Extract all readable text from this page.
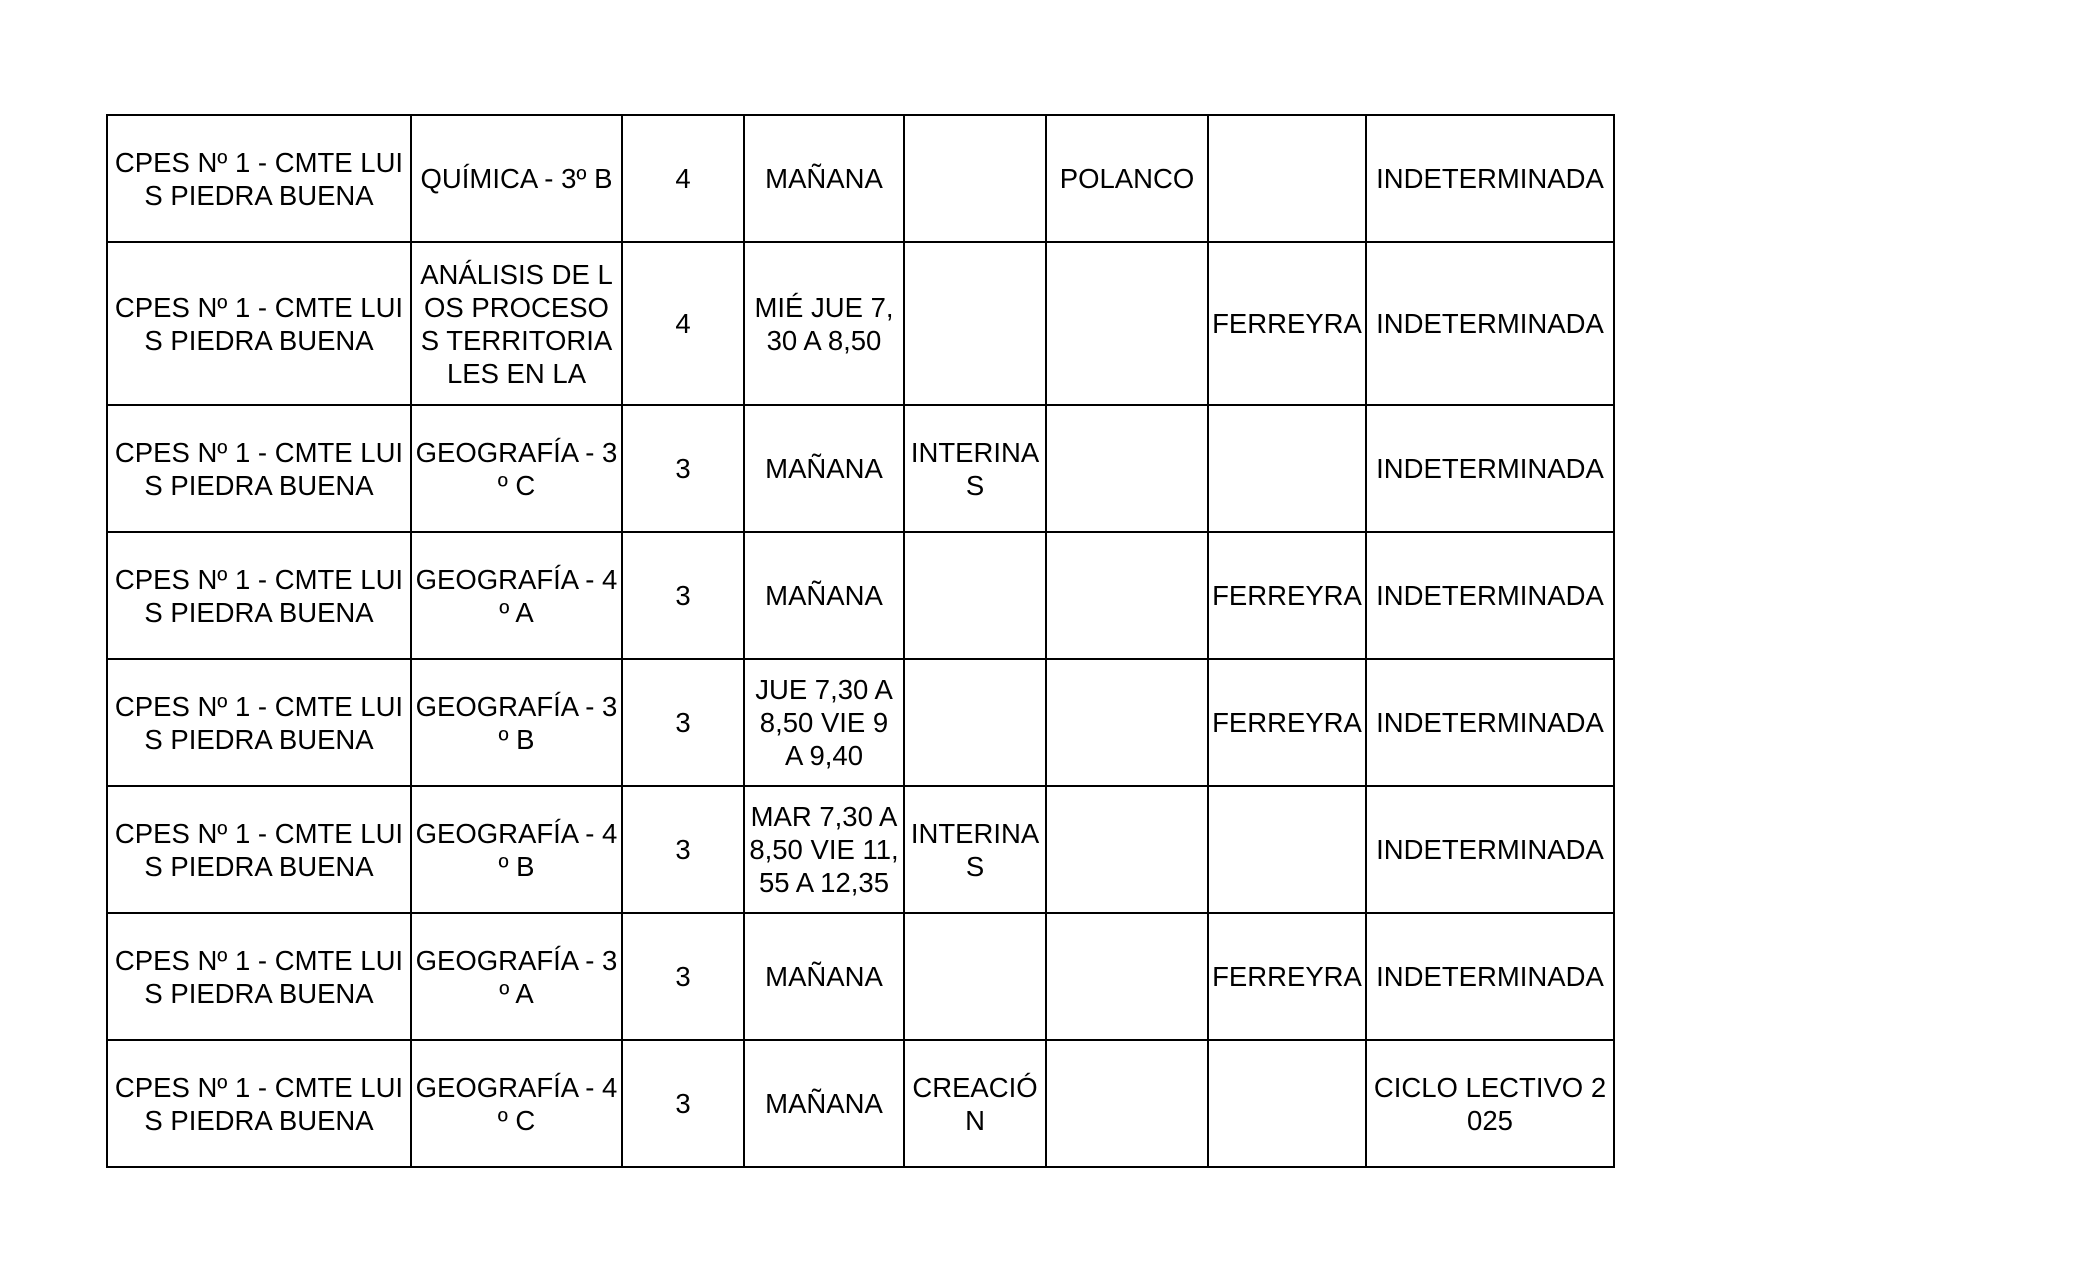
CPES Nº 1 - CMTE LUIS PIEDRA BUENA	QUÍMICA - 3º B	4	MAÑANA		POLANCO		INDETERMINADA
CPES Nº 1 - CMTE LUIS PIEDRA BUENA	ANÁLISIS DE LOS PROCESOS TERRITORIALES EN LA	4	MIÉ JUE 7,30 A 8,50			FERREYRA	INDETERMINADA
CPES Nº 1 - CMTE LUIS PIEDRA BUENA	GEOGRAFÍA - 3º C	3	MAÑANA	INTERINAS			INDETERMINADA
CPES Nº 1 - CMTE LUIS PIEDRA BUENA	GEOGRAFÍA - 4º A	3	MAÑANA			FERREYRA	INDETERMINADA
CPES Nº 1 - CMTE LUIS PIEDRA BUENA	GEOGRAFÍA - 3º B	3	JUE 7,30 A 8,50 VIE 9 A 9,40			FERREYRA	INDETERMINADA
CPES Nº 1 - CMTE LUIS PIEDRA BUENA	GEOGRAFÍA - 4º B	3	MAR 7,30 A 8,50 VIE 11,55 A 12,35	INTERINAS			INDETERMINADA
CPES Nº 1 - CMTE LUIS PIEDRA BUENA	GEOGRAFÍA - 3º A	3	MAÑANA			FERREYRA	INDETERMINADA
CPES Nº 1 - CMTE LUIS PIEDRA BUENA	GEOGRAFÍA - 4º C	3	MAÑANA	CREACIÓN			CICLO LECTIVO 2025
